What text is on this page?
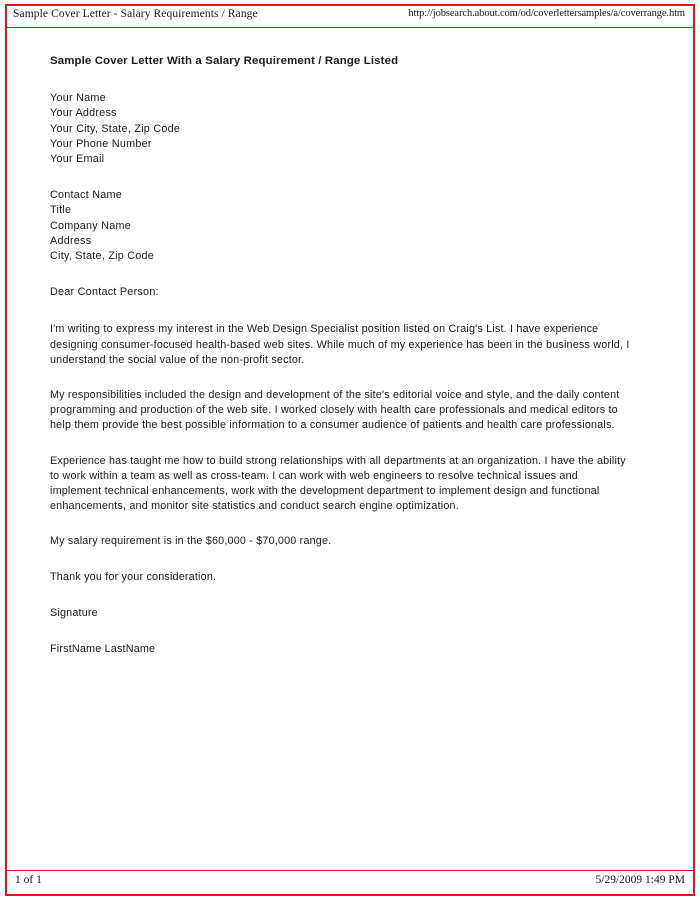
Sample Cover Letter - Salary Requirements / Range	http://jobsearch.about.com/od/coverlettersamples/a/coverrange.htm
Sample Cover Letter With a Salary Requirement / Range Listed
Your Name
Your Address
Your City, State, Zip Code
Your Phone Number
Your Email
Contact Name
Title
Company Name
Address
City, State, Zip Code
Dear Contact Person:

I'm writing to express my interest in the Web Design Specialist position listed on Craig's List. I have experience designing consumer-focused health-based web sites. While much of my experience has been in the business world, I understand the social value of the non-profit sector.

My responsibilities included the design and development of the site's editorial voice and style, and the daily content programming and production of the web site. I worked closely with health care professionals and medical editors to help them provide the best possible information to a consumer audience of patients and health care professionals.

Experience has taught me how to build strong relationships with all departments at an organization. I have the ability to work within a team as well as cross-team. I can work with web engineers to resolve technical issues and implement technical enhancements, work with the development department to implement design and functional enhancements, and monitor site statistics and conduct search engine optimization.

My salary requirement is in the $60,000 - $70,000 range.

Thank you for your consideration.

Signature

FirstName LastName

1 of 1	5/29/2009 1:49 PM
